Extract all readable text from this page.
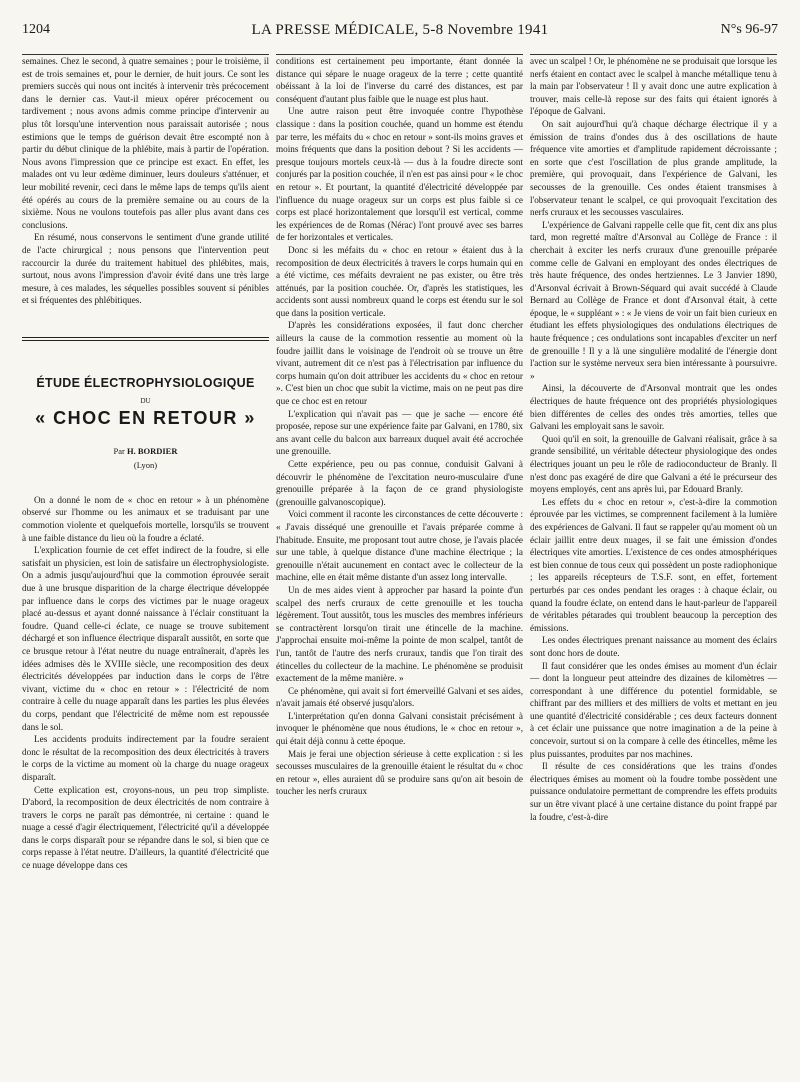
1204	LA PRESSE MÉDICALE, 5-8 Novembre 1941	N°s 96-97

semaines. Chez le second, à quatre semaines ; pour le troisième, il est de trois semaines et, pour le dernier, de huit jours. Ce sont les premiers succès qui nous ont incités à intervenir très précocement dans le dernier cas. Vaut-il mieux opérer précocement ou tardivement ; nous avons admis comme principe d'intervenir au plus tôt lorsqu'une intervention nous paraissait autorisée ; nous estimions que le temps de guérison devait être escompté non à partir du début clinique de la phlébite, mais à partir de l'opération. Nous avons l'impression que ce principe est exact. En effet, les malades ont vu leur œdème diminuer, leurs douleurs s'atténuer, et leur mobilité revenir, ceci dans le même laps de temps qu'ils aient été opérés au cours de la première semaine ou au cours de la sixième. Nous ne voulons toutefois pas aller plus avant dans ces conclusions.

En résumé, nous conservons le sentiment d'une grande utilité de l'acte chirurgical ; nous pensons que l'intervention peut raccourcir la durée du traitement habituel des phlébites, mais, surtout, nous avons l'impression d'avoir évité dans une très large mesure, à ces malades, les séquelles possibles souvent si pénibles et si fréquentes des phlébitiques.

ÉTUDE ÉLECTROPHYSIOLOGIQUE
DU
« CHOC EN RETOUR »
Par H. BORDIER
(Lyon)

On a donné le nom de « choc en retour » à un phénomène observé sur l'homme ou les animaux et se traduisant par une commotion violente et quelquefois mortelle, lorsqu'ils se trouvent à une faible distance du lieu où la foudre a éclaté.

L'explication fournie de cet effet indirect de la foudre, si elle satisfait un physicien, est loin de satisfaire un électrophysiologiste. On a admis jusqu'aujourd'hui que la commotion éprouvée serait due à une brusque disparition de la charge électrique développée par influence dans le corps des victimes par le nuage orageux placé au-dessus et ayant donné naissance à l'éclair constituant la foudre. Quand celle-ci éclate, ce nuage se trouve subitement déchargé et son influence électrique disparaît aussitôt, en sorte que ce brusque retour à l'état neutre du nuage entraînerait, d'après les idées admises dès le XVIIIe siècle, une recomposition des deux électricités développées par induction dans le corps de l'être vivant, victime du « choc en retour » : l'électricité de nom contraire à celle du nuage apparaît dans les parties les plus élevées du corps, pendant que l'électricité de même nom est repoussée dans le sol.

Les accidents produits indirectement par la foudre seraient donc le résultat de la recomposition des deux électricités à travers le corps de la victime au moment où la charge du nuage orageux disparaît.

Cette explication est, croyons-nous, un peu trop simpliste. D'abord, la recomposition de deux électricités de nom contraire à travers le corps ne paraît pas démontrée, ni certaine : quand le nuage a cessé d'agir électriquement, l'électricité qu'il a développée dans le corps disparaît pour se répandre dans le sol, si bien que ce corps repasse à l'état neutre. D'ailleurs, la quantité d'électricité que ce nuage développe dans ces

conditions est certainement peu importante, étant donnée la distance qui sépare le nuage orageux de la terre ; cette quantité obéissant à la loi de l'inverse du carré des distances, est par conséquent d'autant plus faible que le nuage est plus haut.

Une autre raison peut être invoquée contre l'hypothèse classique : dans la position couchée, quand un homme est étendu par terre, les méfaits du « choc en retour » sont-ils moins graves et moins fréquents que dans la position debout ? Si les accidents — presque toujours mortels ceux-là — dus à la foudre directe sont conjurés par la position couchée, il n'en est pas ainsi pour « le choc en retour ». Et pourtant, la quantité d'électricité développée par l'influence du nuage orageux sur un corps est plus faible si ce corps est placé horizontalement que lorsqu'il est vertical, comme les expériences de de Romas (Nérac) l'ont prouvé avec ses barres de fer horizontales et verticales.

Donc si les méfaits du « choc en retour » étaient dus à la recomposition de deux électricités à travers le corps humain qui en a été victime, ces méfaits devraient ne pas exister, ou être très atténués, par la position couchée. Or, d'après les statistiques, les accidents sont aussi nombreux quand le corps est étendu sur le sol que dans la position verticale.

D'après les considérations exposées, il faut donc chercher ailleurs la cause de la commotion ressentie au moment où la foudre jaillit dans le voisinage de l'endroit où se trouve un être vivant, autrement dit ce n'est pas à l'électrisation par influence du corps humain qu'on doit attribuer les accidents du « choc en retour ». C'est bien un choc que subit la victime, mais on ne peut pas dire que ce choc est en retour

L'explication qui n'avait pas — que je sache — encore été proposée, repose sur une expérience faite par Galvani, en 1780, six ans avant celle du balcon aux barreaux duquel avait été accrochée une grenouille.

Cette expérience, peu ou pas connue, conduisit Galvani à découvrir le phénomène de l'excitation neuro-musculaire d'une grenouille préparée à la façon de ce grand physiologiste (grenouille galvanoscopique).

Voici comment il raconte les circonstances de cette découverte : « J'avais disséqué une grenouille et l'avais préparée comme à l'habitude. Ensuite, me proposant tout autre chose, je l'avais placée sur une table, à quelque distance d'une machine électrique ; la grenouille n'était aucunement en contact avec le collecteur de la machine, elle en était même distante d'un assez long intervalle.

Un de mes aides vient à approcher par hasard la pointe d'un scalpel des nerfs cruraux de cette grenouille et les toucha légèrement. Tout aussitôt, tous les muscles des membres inférieurs se contractèrent lorsqu'on tirait une étincelle de la machine. J'approchai ensuite moi-même la pointe de mon scalpel, tantôt de l'un, tantôt de l'autre des nerfs cruraux, tandis que l'on tirait des étincelles du collecteur de la machine. Le phénomène se produisit exactement de la même manière. »

Ce phénomène, qui avait si fort émerveillé Galvani et ses aides, n'avait jamais été observé jusqu'alors.

L'interprétation qu'en donna Galvani consistait précisément à invoquer le phénomène que nous étudions, le « choc en retour », qui était déjà connu à cette époque.

Mais je ferai une objection sérieuse à cette explication : si les secousses musculaires de la grenouille étaient le résultat du « choc en retour », elles auraient dû se produire sans qu'on ait besoin de toucher les nerfs cruraux

avec un scalpel ! Or, le phénomène ne se produisait que lorsque les nerfs étaient en contact avec le scalpel à manche métallique tenu à la main par l'observateur ! Il y avait donc une autre explication à trouver, mais celle-là repose sur des faits qui étaient ignorés à l'époque de Galvani.

On sait aujourd'hui qu'à chaque décharge électrique il y a émission de trains d'ondes dus à des oscillations de haute fréquence vite amorties et d'amplitude rapidement décroissante ; en sorte que c'est l'oscillation de plus grande amplitude, la première, qui provoquait, dans l'expérience de Galvani, les secousses de la grenouille. Ces ondes étaient transmises à l'observateur tenant le scalpel, ce qui provoquait l'excitation des nerfs cruraux et les secousses vasculaires.

L'expérience de Galvani rappelle celle que fit, cent dix ans plus tard, mon regretté maître d'Arsonval au Collège de France : il cherchait à exciter les nerfs cruraux d'une grenouille préparée comme celle de Galvani en employant des ondes électriques de très haute fréquence, des ondes hertziennes. Le 3 Janvier 1890, d'Arsonval écrivait à Brown-Séquard qui avait succédé à Claude Bernard au Collège de France et dont d'Arsonval était, à cette époque, le « suppléant » : « Je viens de voir un fait bien curieux en étudiant les effets physiologiques des ondulations électriques de haute fréquence ; ces ondulations sont incapables d'exciter un nerf de grenouille ! Il y a là une singulière modalité de l'énergie dont l'action sur le système nerveux sera bien intéressante à poursuivre. »

Ainsi, la découverte de d'Arsonval montrait que les ondes électriques de haute fréquence ont des propriétés physiologiques bien différentes de celles des ondes très amorties, telles que Galvani les employait sans le savoir.

Quoi qu'il en soit, la grenouille de Galvani réalisait, grâce à sa grande sensibilité, un véritable détecteur physiologique des ondes électriques jouant un peu le rôle de radioconducteur de Branly. Il n'est donc pas exagéré de dire que Galvani a été le précurseur des moyens employés, cent ans après lui, par Edouard Branly.

Les effets du « choc en retour », c'est-à-dire la commotion éprouvée par les victimes, se comprennent facilement à la lumière des expériences de Galvani. Il faut se rappeler qu'au moment où un éclair jaillit entre deux nuages, il se fait une émission d'ondes électriques vite amorties. L'existence de ces ondes atmosphériques est bien connue de tous ceux qui possèdent un poste radiophonique ; les appareils récepteurs de T.S.F. sont, en effet, fortement perturbés par ces ondes pendant les orages : à chaque éclair, ou quand la foudre éclate, on entend dans le haut-parleur de l'appareil de véritables pétarades qui troublent beaucoup la perception des émissions.

Les ondes électriques prenant naissance au moment des éclairs sont donc hors de doute.

Il faut considérer que les ondes émises au moment d'un éclair — dont la longueur peut atteindre des dizaines de kilomètres — correspondant à une différence du potentiel formidable, se chiffrant par des milliers et des milliers de volts et mettant en jeu une quantité d'électricité considérable ; ces deux facteurs donnent à cet éclair une puissance que notre imagination a de la peine à concevoir, surtout si on la compare à celle des étincelles, même les plus puissantes, produites par nos machines.

Il résulte de ces considérations que les trains d'ondes électriques émises au moment où la foudre tombe possèdent une puissance ondulatoire permettant de comprendre les effets produits sur un être vivant placé à une certaine distance du point frappé par la foudre, c'est-à-dire
